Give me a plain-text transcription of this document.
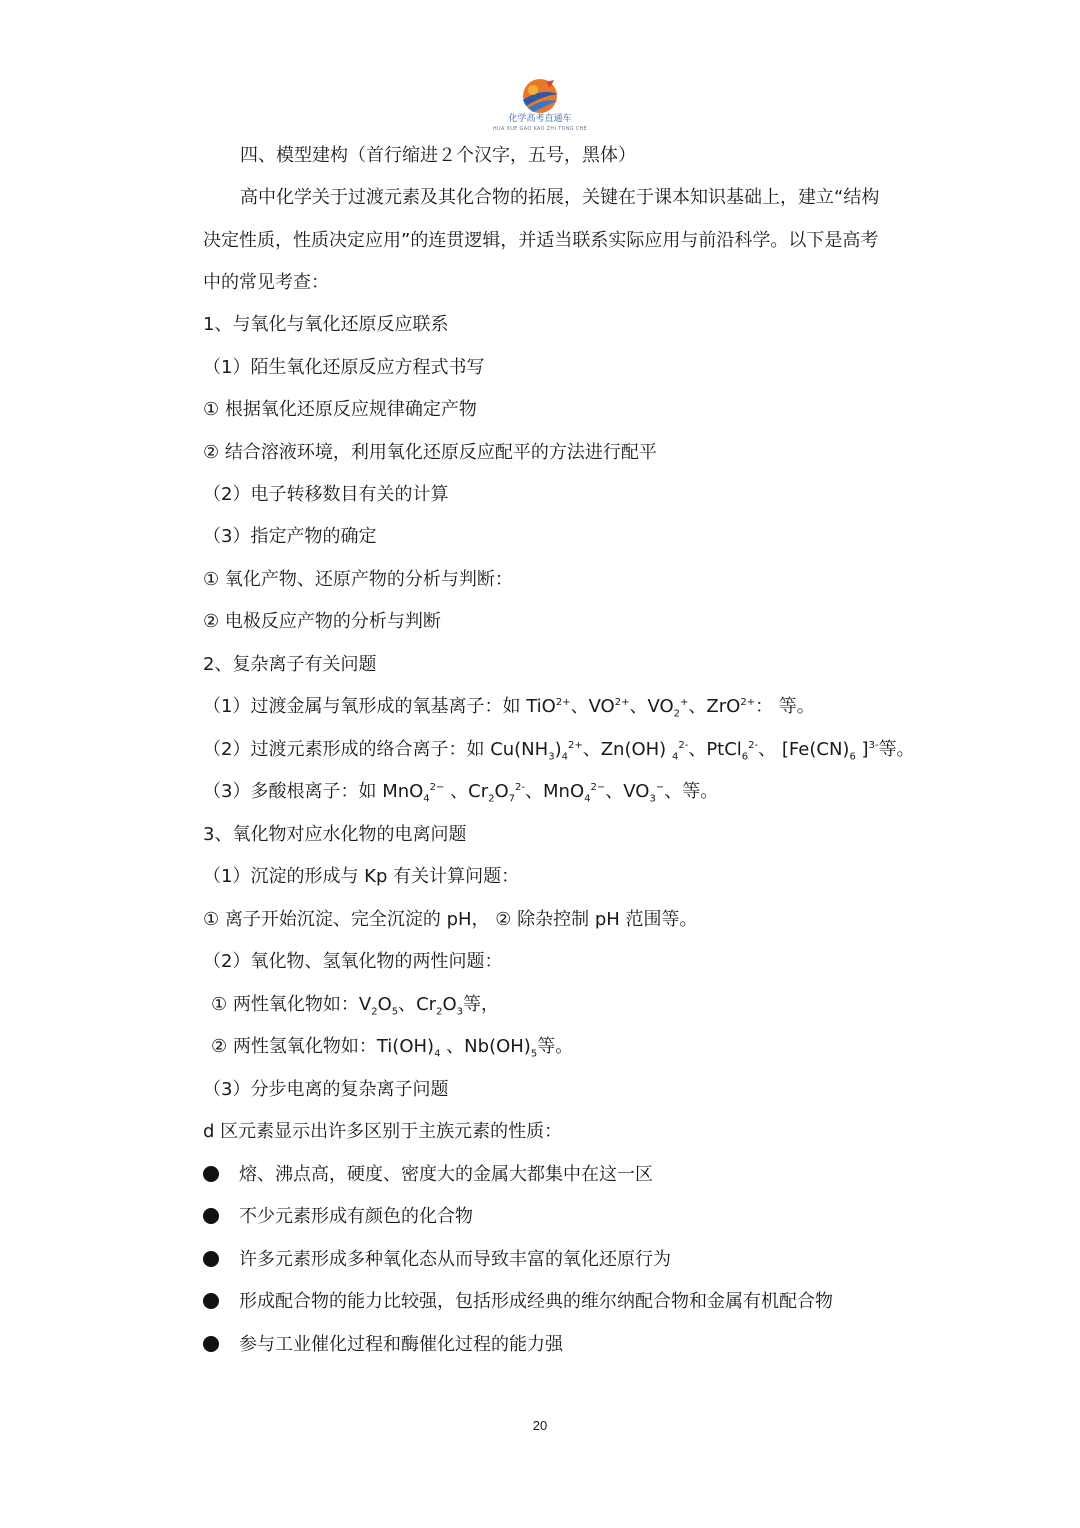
化学高考直通车
HUA XUE GAO KAO ZHI TONG CHE
四、模型建构（首行缩进２个汉字，五号，黑体）
高中化学关于过渡元素及其化合物的拓展，关键在于课本知识基础上，建立“结构
决定性质，性质决定应用”的连贯逻辑，并适当联系实际应用与前沿科学。以下是高考
中的常见考查：
1、与氧化与氧化还原反应联系
（1）陌生氧化还原反应方程式书写
① 根据氧化还原反应规律确定产物
② 结合溶液环境，利用氧化还原反应配平的方法进行配平
（2）电子转移数目有关的计算
（3）指定产物的确定
① 氧化产物、还原产物的分析与判断：
② 电极反应产物的分析与判断
2、复杂离子有关问题
（1）过渡金属与氧形成的氧基离子：如 TiO$^{2+}$、$VO^{2+}$、$VO_2^+$、ZrO$^{2+}$： 等。
（2）过渡元素形成的络合离子：如 $Cu(NH_3)_4^{2+}$、Zn(OH) $_4^{2-}$、PtCl$_6^{2-}$、 [$Fe(CN)_6$ ]$^{3-}$等。
（3）多酸根离子：如 MnO$_4^{2-}$ 、$Cr_2O_7^{2-}$、MnO$_4^{2-}$、$VO_3^-$、等。
3、氧化物对应水化物的电离问题
（1）沉淀的形成与 Kp 有关计算问题：
① 离子开始沉淀、完全沉淀的 pH， ② 除杂控制 pH 范围等。
（2）氧化物、氢氧化物的两性问题：
① 两性氧化物如：$V_2O_5$、$Cr_2O_3$等，
② 两性氢氧化物如：$Ti(OH)_4$ 、$Nb(OH)_5$等。
（3）分步电离的复杂离子问题
d 区元素显示出许多区别于主族元素的性质：
熔、沸点高，硬度、密度大的金属大都集中在这一区
不少元素形成有颜色的化合物
许多元素形成多种氧化态从而导致丰富的氧化还原行为
形成配合物的能力比较强，包括形成经典的维尔纳配合物和金属有机配合物
参与工业催化过程和酶催化过程的能力强
20
